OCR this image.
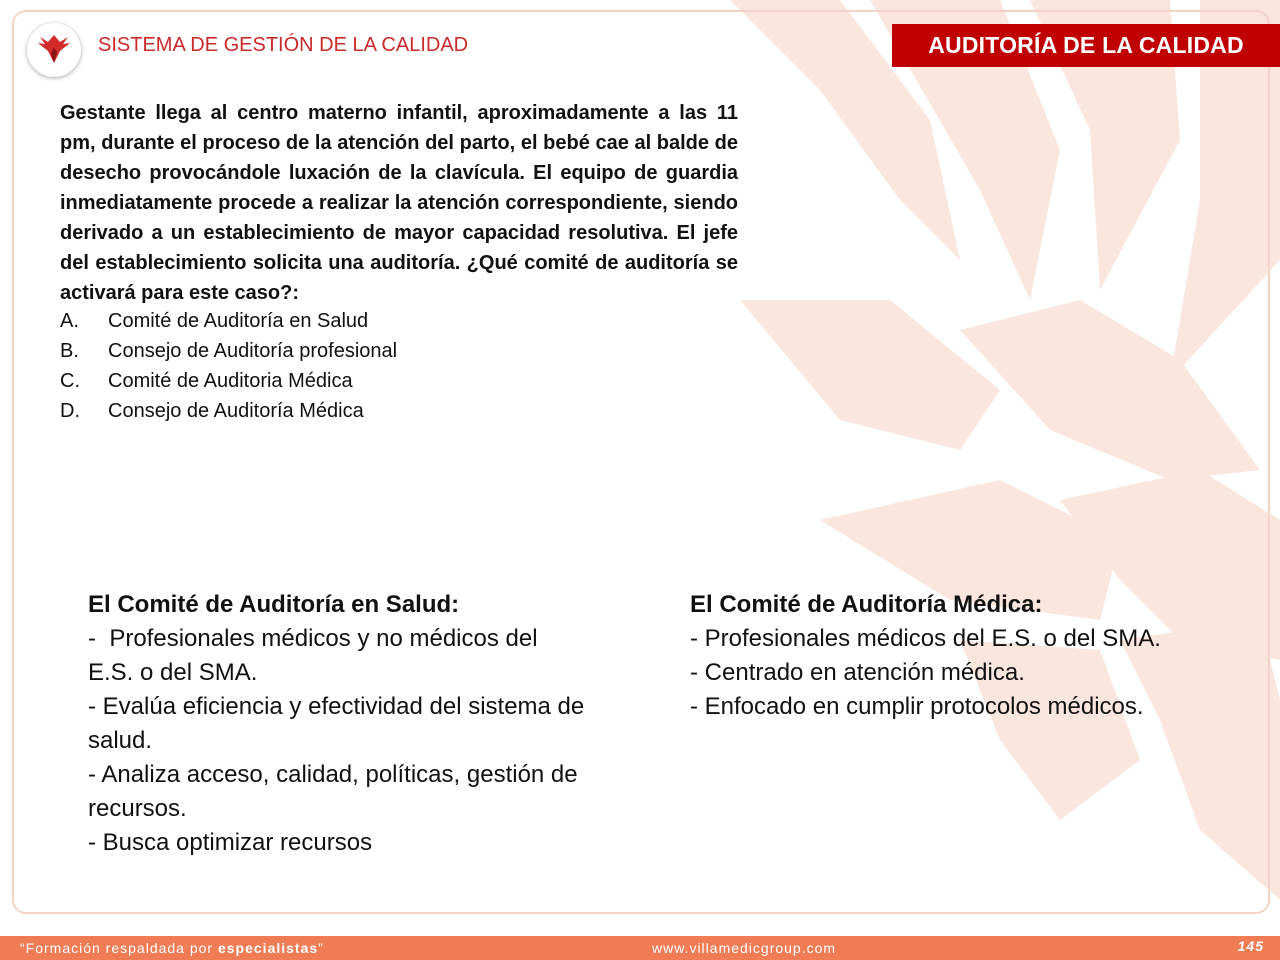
SISTEMA DE GESTIÓN DE LA CALIDAD	AUDITORÍA DE LA CALIDAD

Gestante llega al centro materno infantil, aproximadamente a las 11 pm, durante el proceso de la atención del parto, el bebé cae al balde de desecho provocándole luxación de la clavícula. El equipo de guardia inmediatamente procede a realizar la atención correspondiente, siendo derivado a un establecimiento de mayor capacidad resolutiva. El jefe del establecimiento solicita una auditoría. ¿Qué comité de auditoría se activará para este caso?:

A.	Comité de Auditoría en Salud
B.	Consejo de Auditoría profesional
C.	Comité de Auditoria Médica
D.	Consejo de Auditoría Médica
El Comité de Auditoría en Salud:
-  Profesionales médicos y no médicos del E.S. o del SMA.
- Evalúa eficiencia y efectividad del sistema de salud.
- Analiza acceso, calidad, políticas, gestión de recursos.
- Busca optimizar recursos
El Comité de Auditoría Médica:
- Profesionales médicos del E.S. o del SMA.
- Centrado en atención médica.
- Enfocado en cumplir protocolos médicos.
“Formación respaldada por especialistas”	www.villamedicgroup.com	145
